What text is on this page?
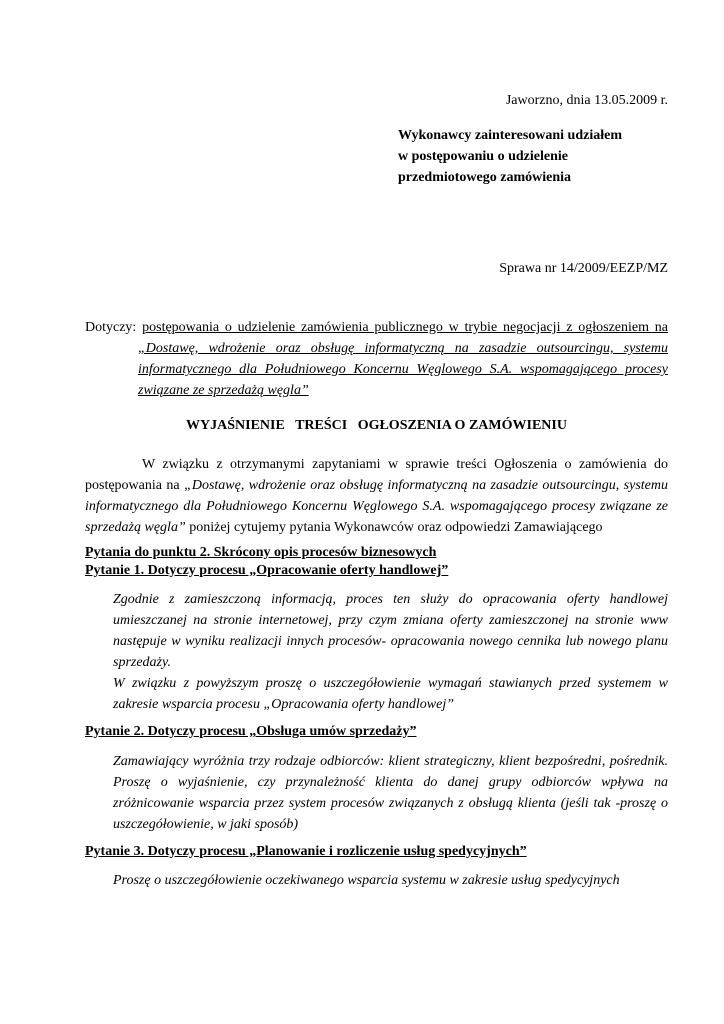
Jaworzno, dnia 13.05.2009 r.
Wykonawcy zainteresowani udziałem
w postępowaniu o udzielenie
przedmiotowego zamówienia
Sprawa nr 14/2009/EEZP/MZ

Dotyczy: postępowania o udzielenie zamówienia publicznego w trybie negocjacji z ogłoszeniem na „Dostawę, wdrożenie oraz obsługę informatyczną na zasadzie outsourcingu, systemu informatycznego dla Południowego Koncernu Węglowego S.A. wspomagającego procesy związane ze sprzedażą węgla”

WYJAŚNIENIE   TREŚCI   OGŁOSZENIA O ZAMÓWIENIU

W związku z otrzymanymi zapytaniami w sprawie treści Ogłoszenia o zamówienia do postępowania na „Dostawę, wdrożenie oraz obsługę informatyczną na zasadzie outsourcingu, systemu informatycznego dla Południowego Koncernu Węglowego S.A. wspomagającego procesy związane ze sprzedażą węgla” poniżej cytujemy pytania Wykonawców oraz odpowiedzi Zamawiającego

Pytania do punktu 2. Skrócony opis procesów biznesowych

Pytanie 1. Dotyczy procesu „Opracowanie oferty handlowej”

Zgodnie z zamieszczoną informacją, proces ten służy do opracowania oferty handlowej umieszczanej na stronie internetowej, przy czym zmiana oferty zamieszczonej na stronie www następuje w wyniku realizacji innych procesów- opracowania nowego cennika lub nowego planu sprzedaży.

W związku z powyższym proszę o uszczegółowienie wymagań stawianych przed systemem w zakresie wsparcia procesu „Opracowania oferty handlowej”

Pytanie 2. Dotyczy procesu „Obsługa umów sprzedaży”

Zamawiający wyróżnia trzy rodzaje odbiorców: klient strategiczny, klient bezpośredni, pośrednik. Proszę o wyjaśnienie, czy przynależność klienta do danej grupy odbiorców wpływa na zróżnicowanie wsparcia przez system procesów związanych z obsługą klienta (jeśli tak -proszę o uszczegółowienie, w jaki sposób)

Pytanie 3. Dotyczy procesu „Planowanie i rozliczenie usług spedycyjnych”

Proszę o uszczegółowienie oczekiwanego wsparcia systemu w zakresie usług spedycyjnych
